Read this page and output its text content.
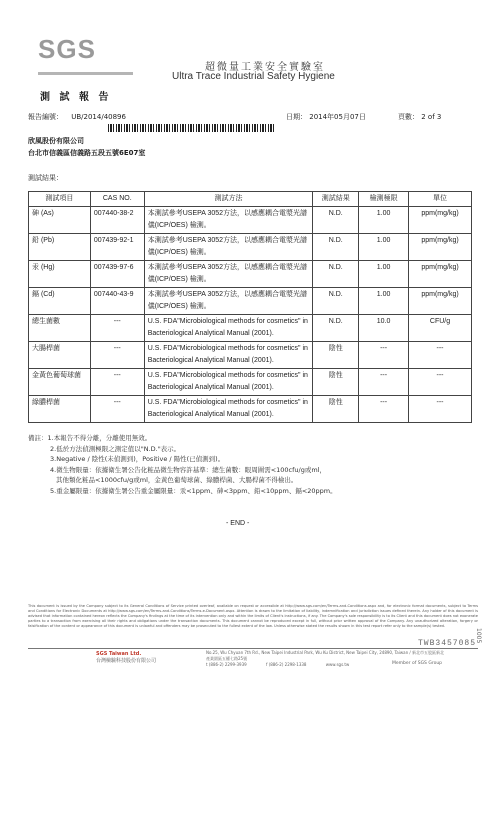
SGS
超微量工業安全實驗室
Ultra Trace Industrial Safety Hygiene
測 試 報 告
報告編號： UB/2014/40896	日期： 2014年05月07日	頁數： 2 of 3
欣風股份有限公司
台北市信義區信義路五段五號6E07室
測試結果：
測試項目	CAS NO.	測試方法	測試結果	檢測極限	單位
砷 (As)	007440-38-2	本測試參考USEPA 3052方法，以感應耦合電漿光譜儀(ICP/OES) 檢測。	N.D.	1.00	ppm(mg/kg)
鉛 (Pb)	007439-92-1	本測試參考USEPA 3052方法，以感應耦合電漿光譜儀(ICP/OES) 檢測。	N.D.	1.00	ppm(mg/kg)
汞 (Hg)	007439-97-6	本測試參考USEPA 3052方法，以感應耦合電漿光譜儀(ICP/OES) 檢測。	N.D.	1.00	ppm(mg/kg)
鎘 (Cd)	007440-43-9	本測試參考USEPA 3052方法，以感應耦合電漿光譜儀(ICP/OES) 檢測。	N.D.	1.00	ppm(mg/kg)
總生菌數	---	U.S. FDA"Microbiological methods for cosmetics" in Bacteriological Analytical Manual (2001).	N.D.	10.0	CFU/g
大腸桿菌	---	U.S. FDA"Microbiological methods for cosmetics" in Bacteriological Analytical Manual (2001).	陰性	---	---
金黃色葡萄球菌	---	U.S. FDA"Microbiological methods for cosmetics" in Bacteriological Analytical Manual (2001).	陰性	---	---
綠膿桿菌	---	U.S. FDA"Microbiological methods for cosmetics" in Bacteriological Analytical Manual (2001).	陰性	---	---
備註：1.本報告不得分離，分離使用無效。
2.低於方法偵測極限之測定值以"N.D."表示。
3.Negative / 陰性(未偵測到)，Positive / 陽性(已偵測到)。
4.微生物限量：依據衛生署公告化粧品微生物容許基準：總生菌數：眼周圍需<100cfu/g或ml，
其他類化粧品<1000cfu/g或ml，金黃色葡萄球菌、綠膿桿菌、大腸桿菌不得檢出。
5.重金屬限量：依據衛生署公告重金屬限量：汞<1ppm、砷<3ppm、鉛<10ppm、鎘<20ppm。
- END -
This document is issued by the Company subject to its General Conditions of Service printed overleaf, available on request or accessible at http://www.sgs.com/en/Terms-and-Conditions.aspx and, for electronic format documents, subject to Terms and Conditions for Electronic Documents at http://www.sgs.com/en/Terms-and-Conditions/Terms-e-Document.aspx. Attention is drawn to the limitation of liability, indemnification and jurisdiction issues defined therein. Any holder of this document is advised that information contained hereon reflects the Company's findings at the time of its intervention only and within the limits of Client's instructions, if any. The Company's sole responsibility is to its Client and this document does not exonerate parties to a transaction from exercising all their rights and obligations under the transaction documents. This document cannot be reproduced except in full, without prior written approval of the Company. Any unauthorized alteration, forgery or falsification of the content or appearance of this document is unlawful and offenders may be prosecuted to the fullest extent of the law. Unless otherwise stated the results shown in this test report refer only to the sample(s) tested.
SGS Taiwan Ltd.
台灣檢驗科技股份有限公司
No.25, Wu Chyuan 7th Rd., New Taipei Industrial Park, Wu Ku District, New Taipei City, 24890, Taiwan / 新北市五股區新北產業園區五權七路25號
t (886-2) 2299-3939	f (886-2) 2298-1338	www.sgs.tw
TWB3457085
Member of SGS Group
1005
